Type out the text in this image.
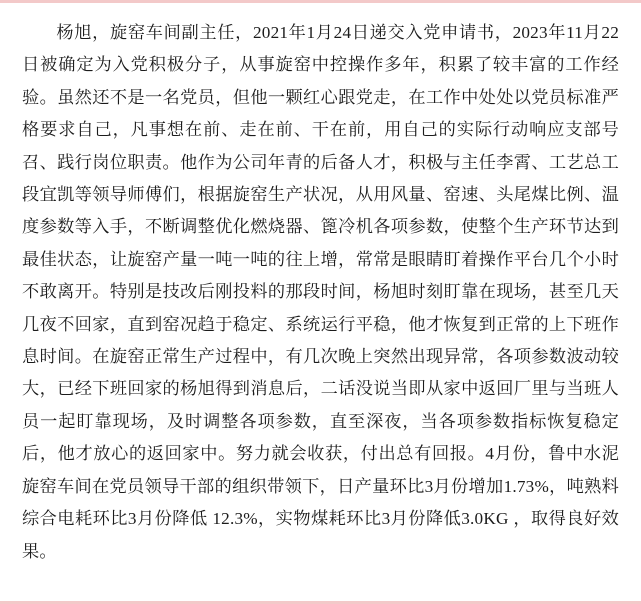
杨旭，旋窑车间副主任，2021年1月24日递交入党申请书，2023年11月22日被确定为入党积极分子，从事旋窑中控操作多年，积累了较丰富的工作经验。虽然还不是一名党员，但他一颗红心跟党走，在工作中处处以党员标准严格要求自己，凡事想在前、走在前、干在前，用自己的实际行动响应支部号召、践行岗位职责。他作为公司年青的后备人才，积极与主任李霄、工艺总工段宜凯等领导师傅们，根据旋窑生产状况，从用风量、窑速、头尾煤比例、温度参数等入手，不断调整优化燃烧器、篦冷机各项参数，使整个生产环节达到最佳状态，让旋窑产量一吨一吨的往上增，常常是眼睛盯着操作平台几个小时不敢离开。特别是技改后刚投料的那段时间，杨旭时刻盯靠在现场，甚至几天几夜不回家，直到窑况趋于稳定、系统运行平稳，他才恢复到正常的上下班作息时间。在旋窑正常生产过程中，有几次晚上突然出现异常，各项参数波动较大，已经下班回家的杨旭得到消息后，二话没说当即从家中返回厂里与当班人员一起盯靠现场，及时调整各项参数，直至深夜，当各项参数指标恢复稳定后，他才放心的返回家中。努力就会收获，付出总有回报。4月份，鲁中水泥旋窑车间在党员领导干部的组织带领下，日产量环比3月份增加1.73%，吨熟料综合电耗环比3月份降低 12.3%，实物煤耗环比3月份降低3.0KG ，取得良好效果。
